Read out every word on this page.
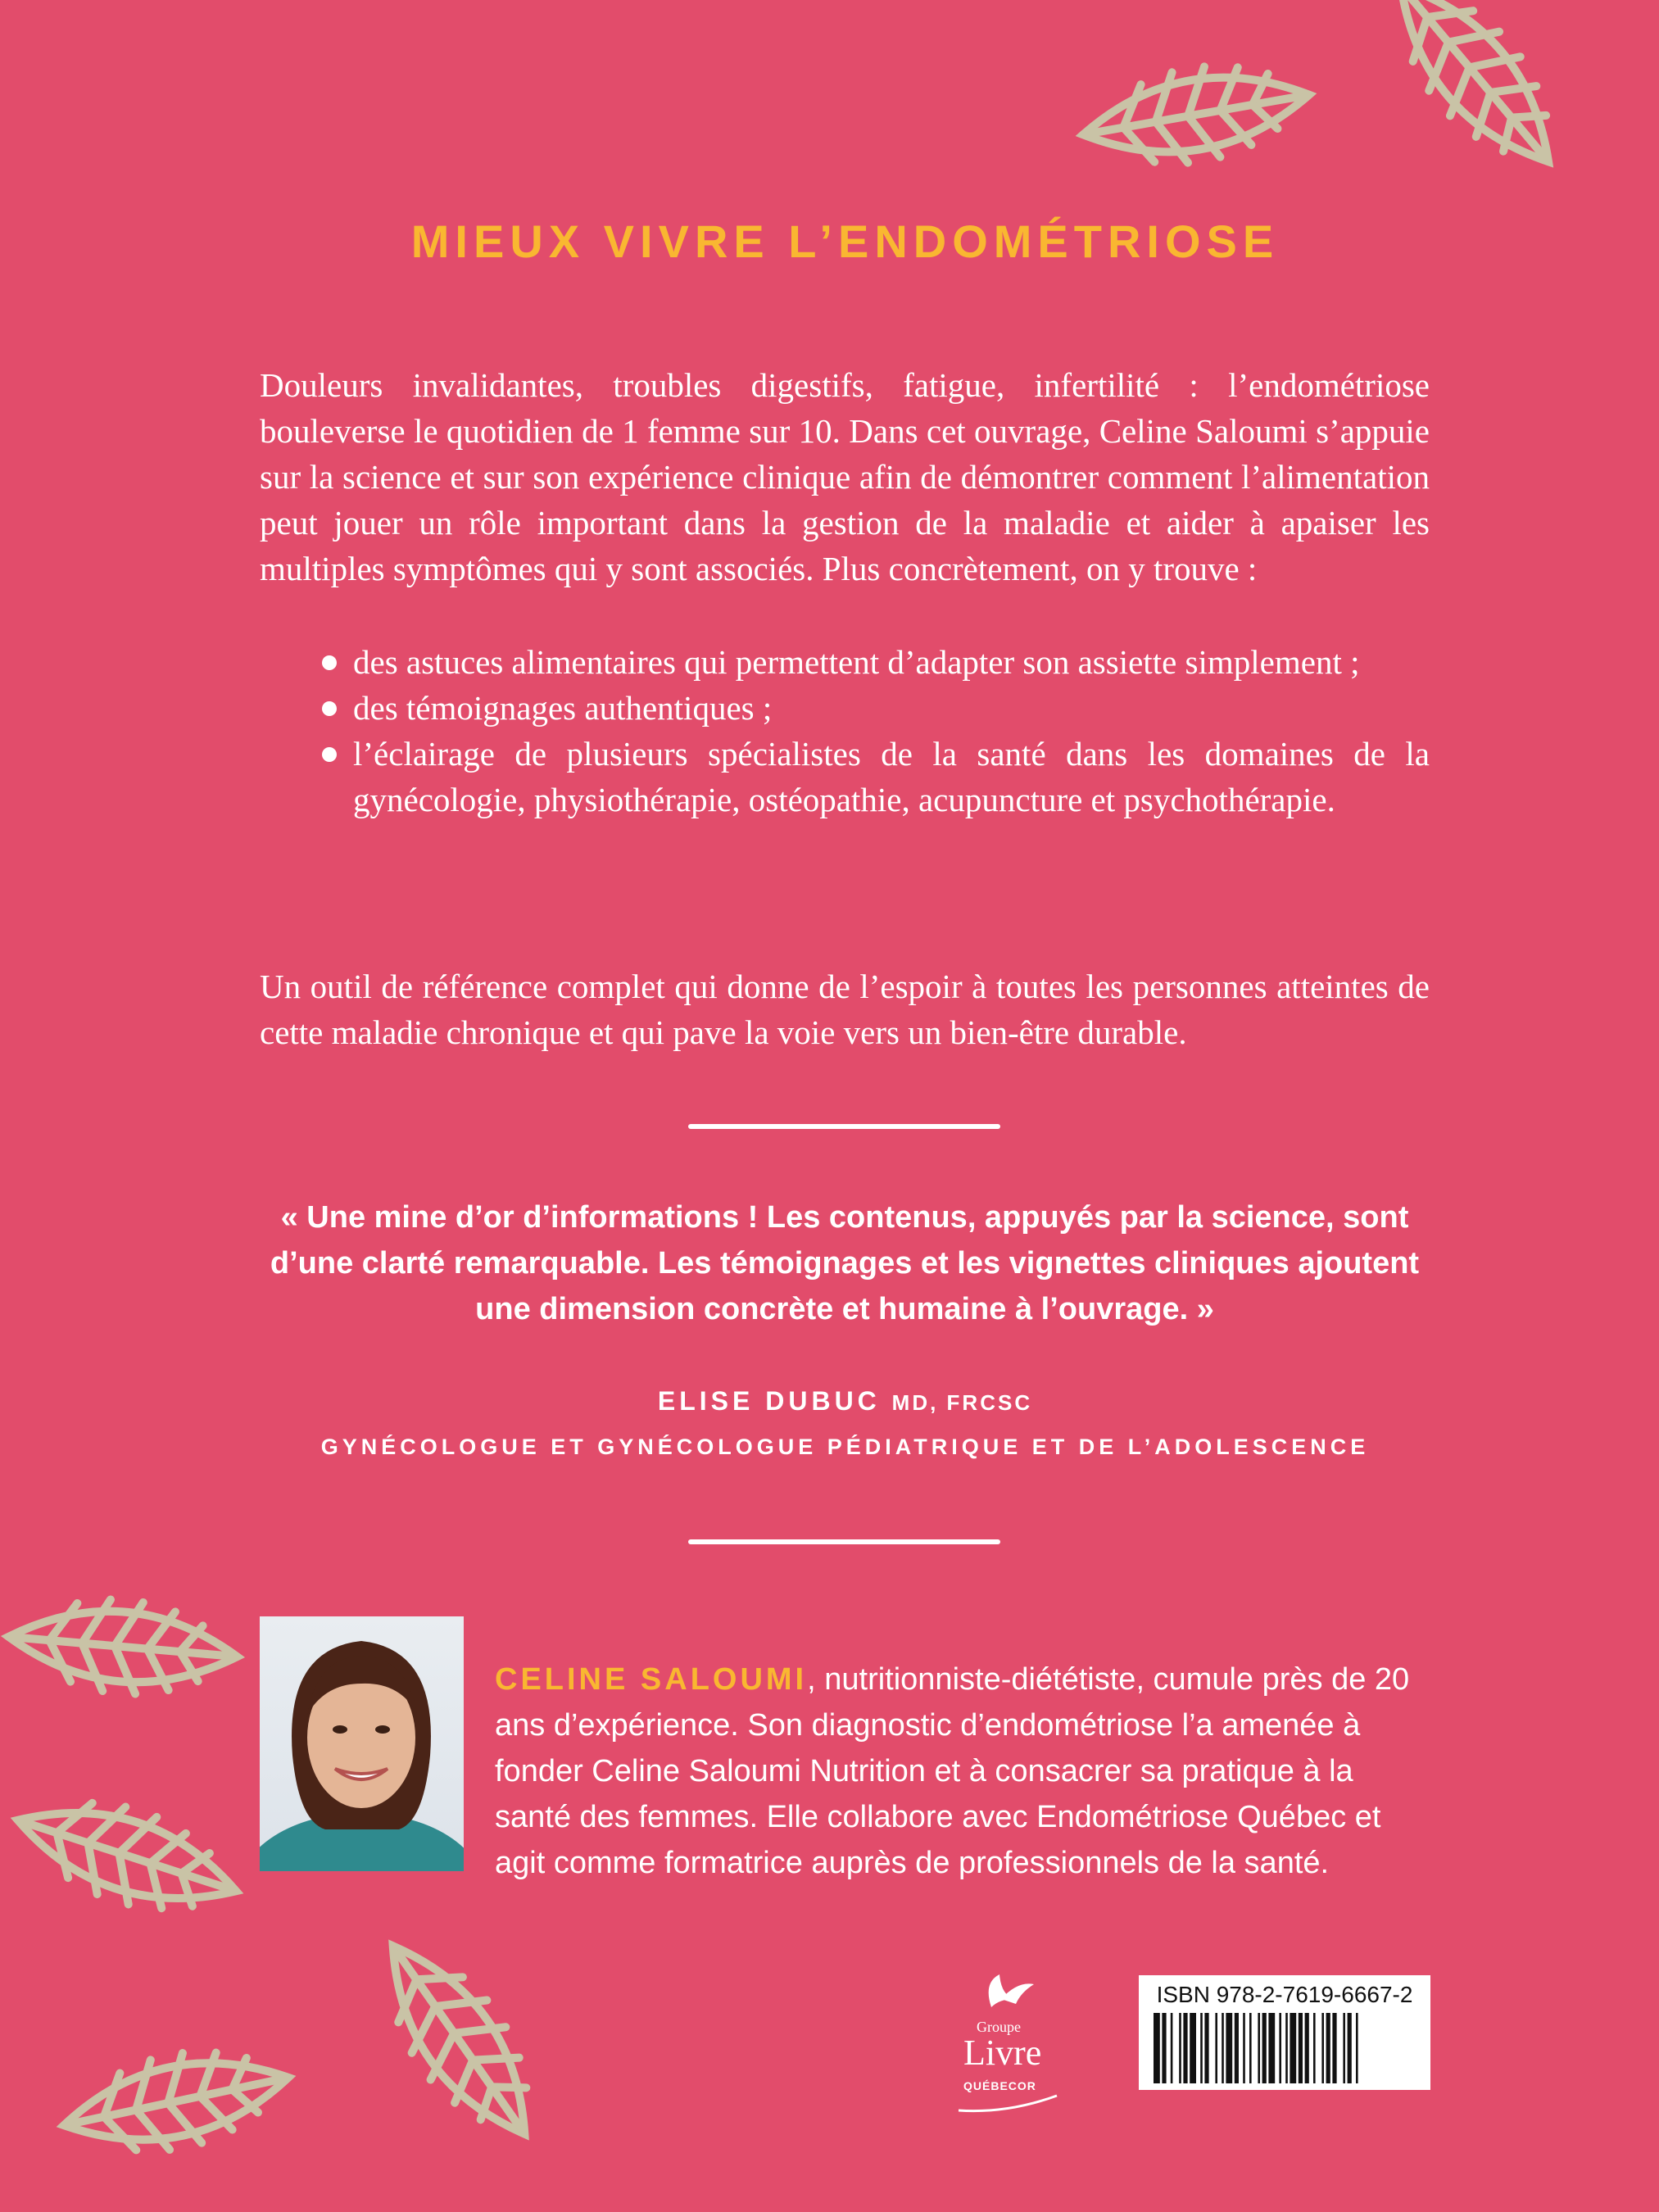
MIEUX VIVRE L’ENDOMÉTRIOSE

Douleurs invalidantes, troubles digestifs, fatigue, infertilité : l’endométriose bouleverse le quotidien de 1 femme sur 10. Dans cet ouvrage, Celine Saloumi s’appuie sur la science et sur son expérience clinique afin de démontrer comment l’alimentation peut jouer un rôle important dans la gestion de la maladie et aider à apaiser les multiples symptômes qui y sont associés. Plus concrètement, on y trouve :

des astuces alimentaires qui permettent d’adapter son assiette simplement ;
des témoignages authentiques ;
l’éclairage de plusieurs spécialistes de la santé dans les domaines de la gynécologie, physiothérapie, ostéopathie, acupuncture et psychothérapie.

Un outil de référence complet qui donne de l’espoir à toutes les personnes atteintes de cette maladie chronique et qui pave la voie vers un bien-être durable.

« Une mine d’or d’informations ! Les contenus, appuyés par la science, sont d’une clarté remarquable. Les témoignages et les vignettes cliniques ajoutent une dimension concrète et humaine à l’ouvrage. »

ELISE DUBUC MD, FRCSC
GYNÉCOLOGUE ET GYNÉCOLOGUE PÉDIATRIQUE ET DE L’ADOLESCENCE

CELINE SALOUMI, nutritionniste-diététiste, cumule près de 20 ans d’expérience. Son diagnostic d’endométriose l’a amenée à fonder Celine Saloumi Nutrition et à consacrer sa pratique à la santé des femmes. Elle collabore avec Endométriose Québec et agit comme formatrice auprès de professionnels de la santé.

Groupe
Livre
QUÉBECOR
ISBN 978-2-7619-6667-2
